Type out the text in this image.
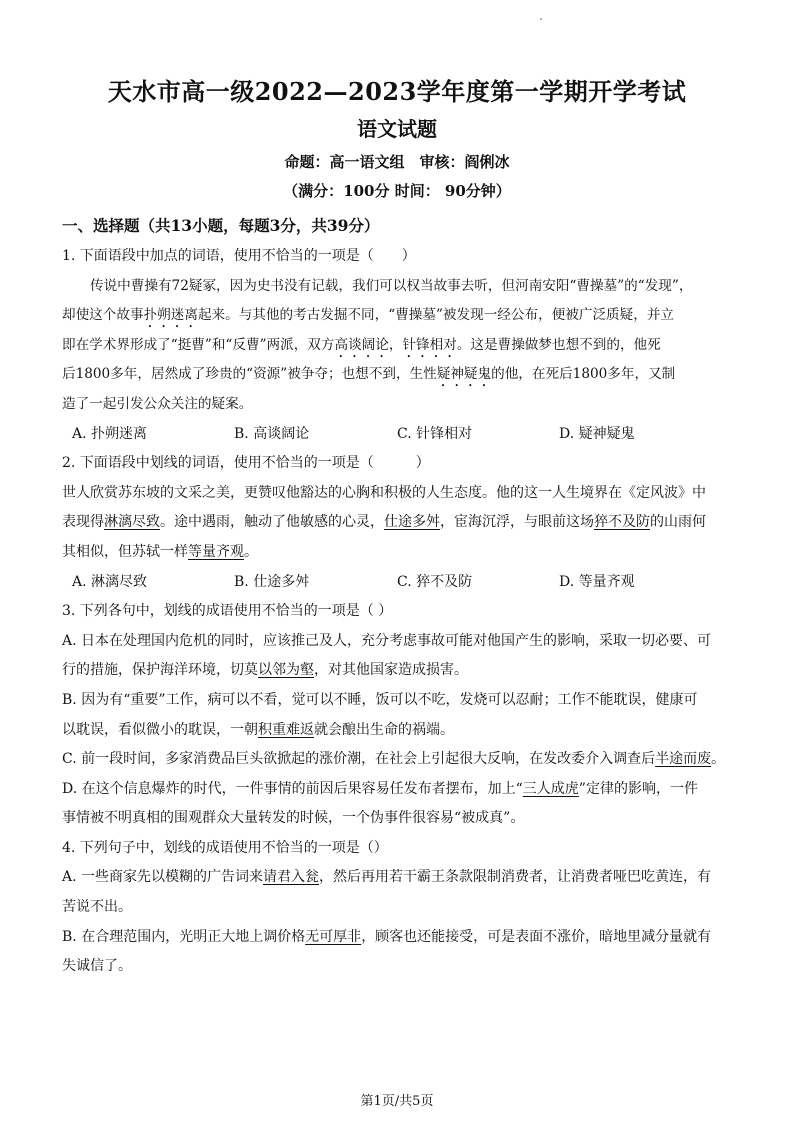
天水市高一级2022—2023学年度第一学期开学考试
语文试题
命题：高一语文组　审核：阎俐冰
（满分：100分 时间： 90分钟）
一、选择题（共13小题，每题3分，共39分）
1. 下面语段中加点的词语，使用不恰当的一项是（　　）
传说中曹操有72疑冢，因为史书没有记载，我们可以权当故事去听，但河南安阳“曹操墓”的“发现”，
却使这个故事扑朔迷离起来。与其他的考古发掘不同，“曹操墓”被发现一经公布，便被广泛质疑，并立
即在学术界形成了“挺曹”和“反曹”两派，双方高谈阔论，针锋相对。这是曹操做梦也想不到的，他死
后1800多年，居然成了珍贵的“资源”被争夺；也想不到，生性疑神疑鬼的他，在死后1800多年，又制
造了一起引发公众关注的疑案。
A. 扑朔迷离	B. 高谈阔论	C. 针锋相对	D. 疑神疑鬼
2. 下面语段中划线的词语，使用不恰当的一项是（　　　）
世人欣赏苏东坡的文采之美，更赞叹他豁达的心胸和积极的人生态度。他的这一人生境界在《定风波》中
表现得淋漓尽致。途中遇雨，触动了他敏感的心灵，仕途多舛，宦海沉浮，与眼前这场猝不及防的山雨何
其相似，但苏轼一样等量齐观。
A. 淋漓尽致	B. 仕途多舛	C. 猝不及防	D. 等量齐观
3. 下列各句中，划线的成语使用不恰当的一项是（ ）
A. 日本在处理国内危机的同时，应该推己及人，充分考虑事故可能对他国产生的影响，采取一切必要、可
行的措施，保护海洋环境，切莫以邻为壑，对其他国家造成损害。
B. 因为有“重要”工作，病可以不看，觉可以不睡，饭可以不吃，发烧可以忍耐；工作不能耽误，健康可
以耽误，看似微小的耽误，一朝积重难返就会酿出生命的祸端。
C. 前一段时间，多家消费品巨头欲掀起的涨价潮，在社会上引起很大反响，在发改委介入调查后半途而废。
D. 在这个信息爆炸的时代，一件事情的前因后果容易任发布者摆布，加上“三人成虎”定律的影响，一件
事情被不明真相的围观群众大量转发的时候，一个伪事件很容易“被成真”。
4. 下列句子中，划线的成语使用不恰当的一项是（）
A. 一些商家先以模糊的广告词来请君入瓮，然后再用若干霸王条款限制消费者，让消费者哑巴吃黄连，有
苦说不出。
B. 在合理范围内，光明正大地上调价格无可厚非，顾客也还能接受，可是表面不涨价，暗地里减分量就有
失诚信了。
第1页/共5页
